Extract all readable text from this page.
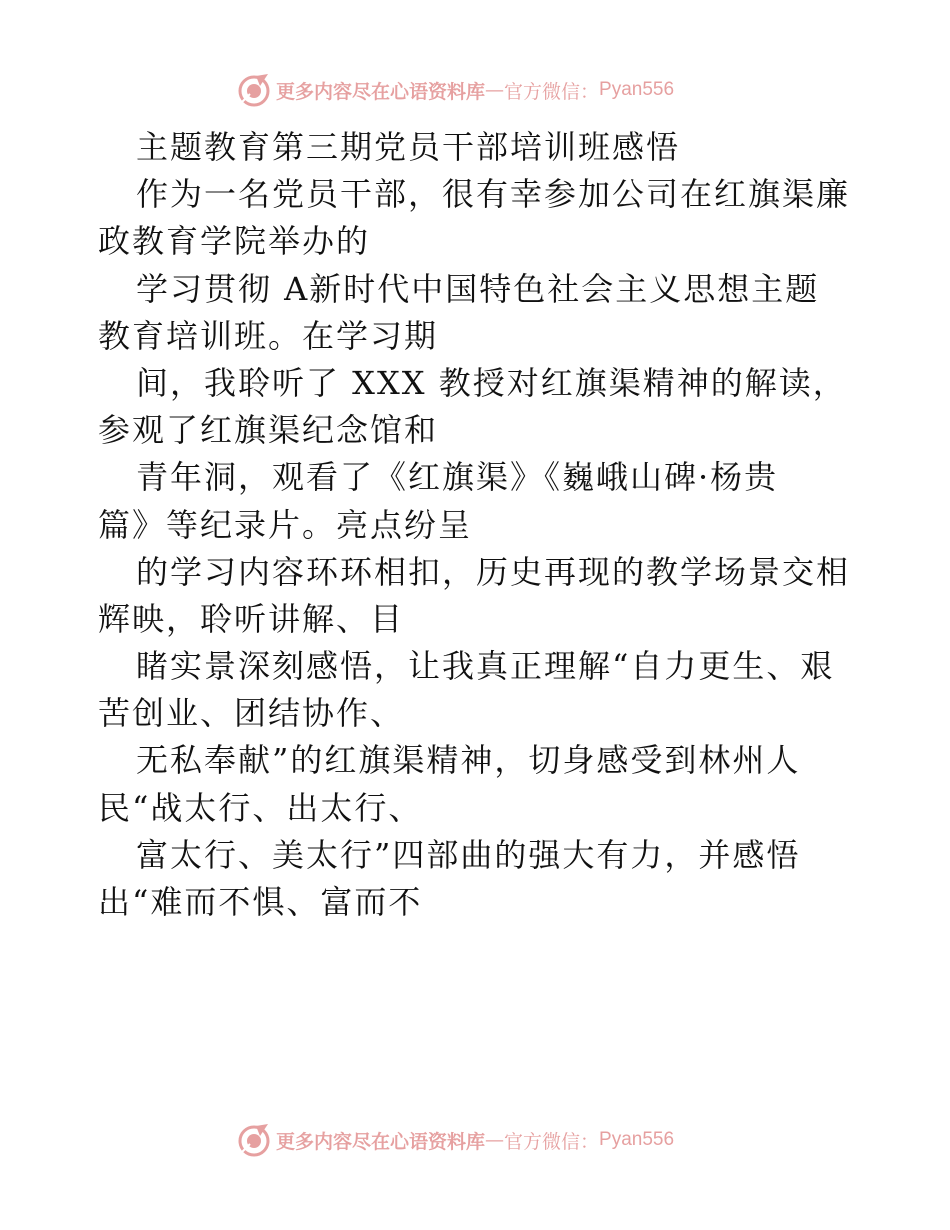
更多内容尽在心语资料库 — 官方微信： Pyan556
主题教育第三期党员干部培训班感悟
作为一名党员干部，很有幸参加公司在红旗渠廉
政教育学院举办的
学习贯彻 A新时代中国特色社会主义思想主题
教育培训班。在学习期
间，我聆听了 XXX 教授对红旗渠精神的解读，
参观了红旗渠纪念馆和
青年洞，观看了《红旗渠》《巍峨山碑·杨贵
篇》等纪录片。亮点纷呈
的学习内容环环相扣，历史再现的教学场景交相
辉映，聆听讲解、目
睹实景深刻感悟，让我真正理解“自力更生、艰
苦创业、团结协作、
无私奉献”的红旗渠精神，切身感受到林州人
民“战太行、出太行、
富太行、美太行”四部曲的强大有力，并感悟
出“难而不惧、富而不
更多内容尽在心语资料库 — 官方微信： Pyan556
